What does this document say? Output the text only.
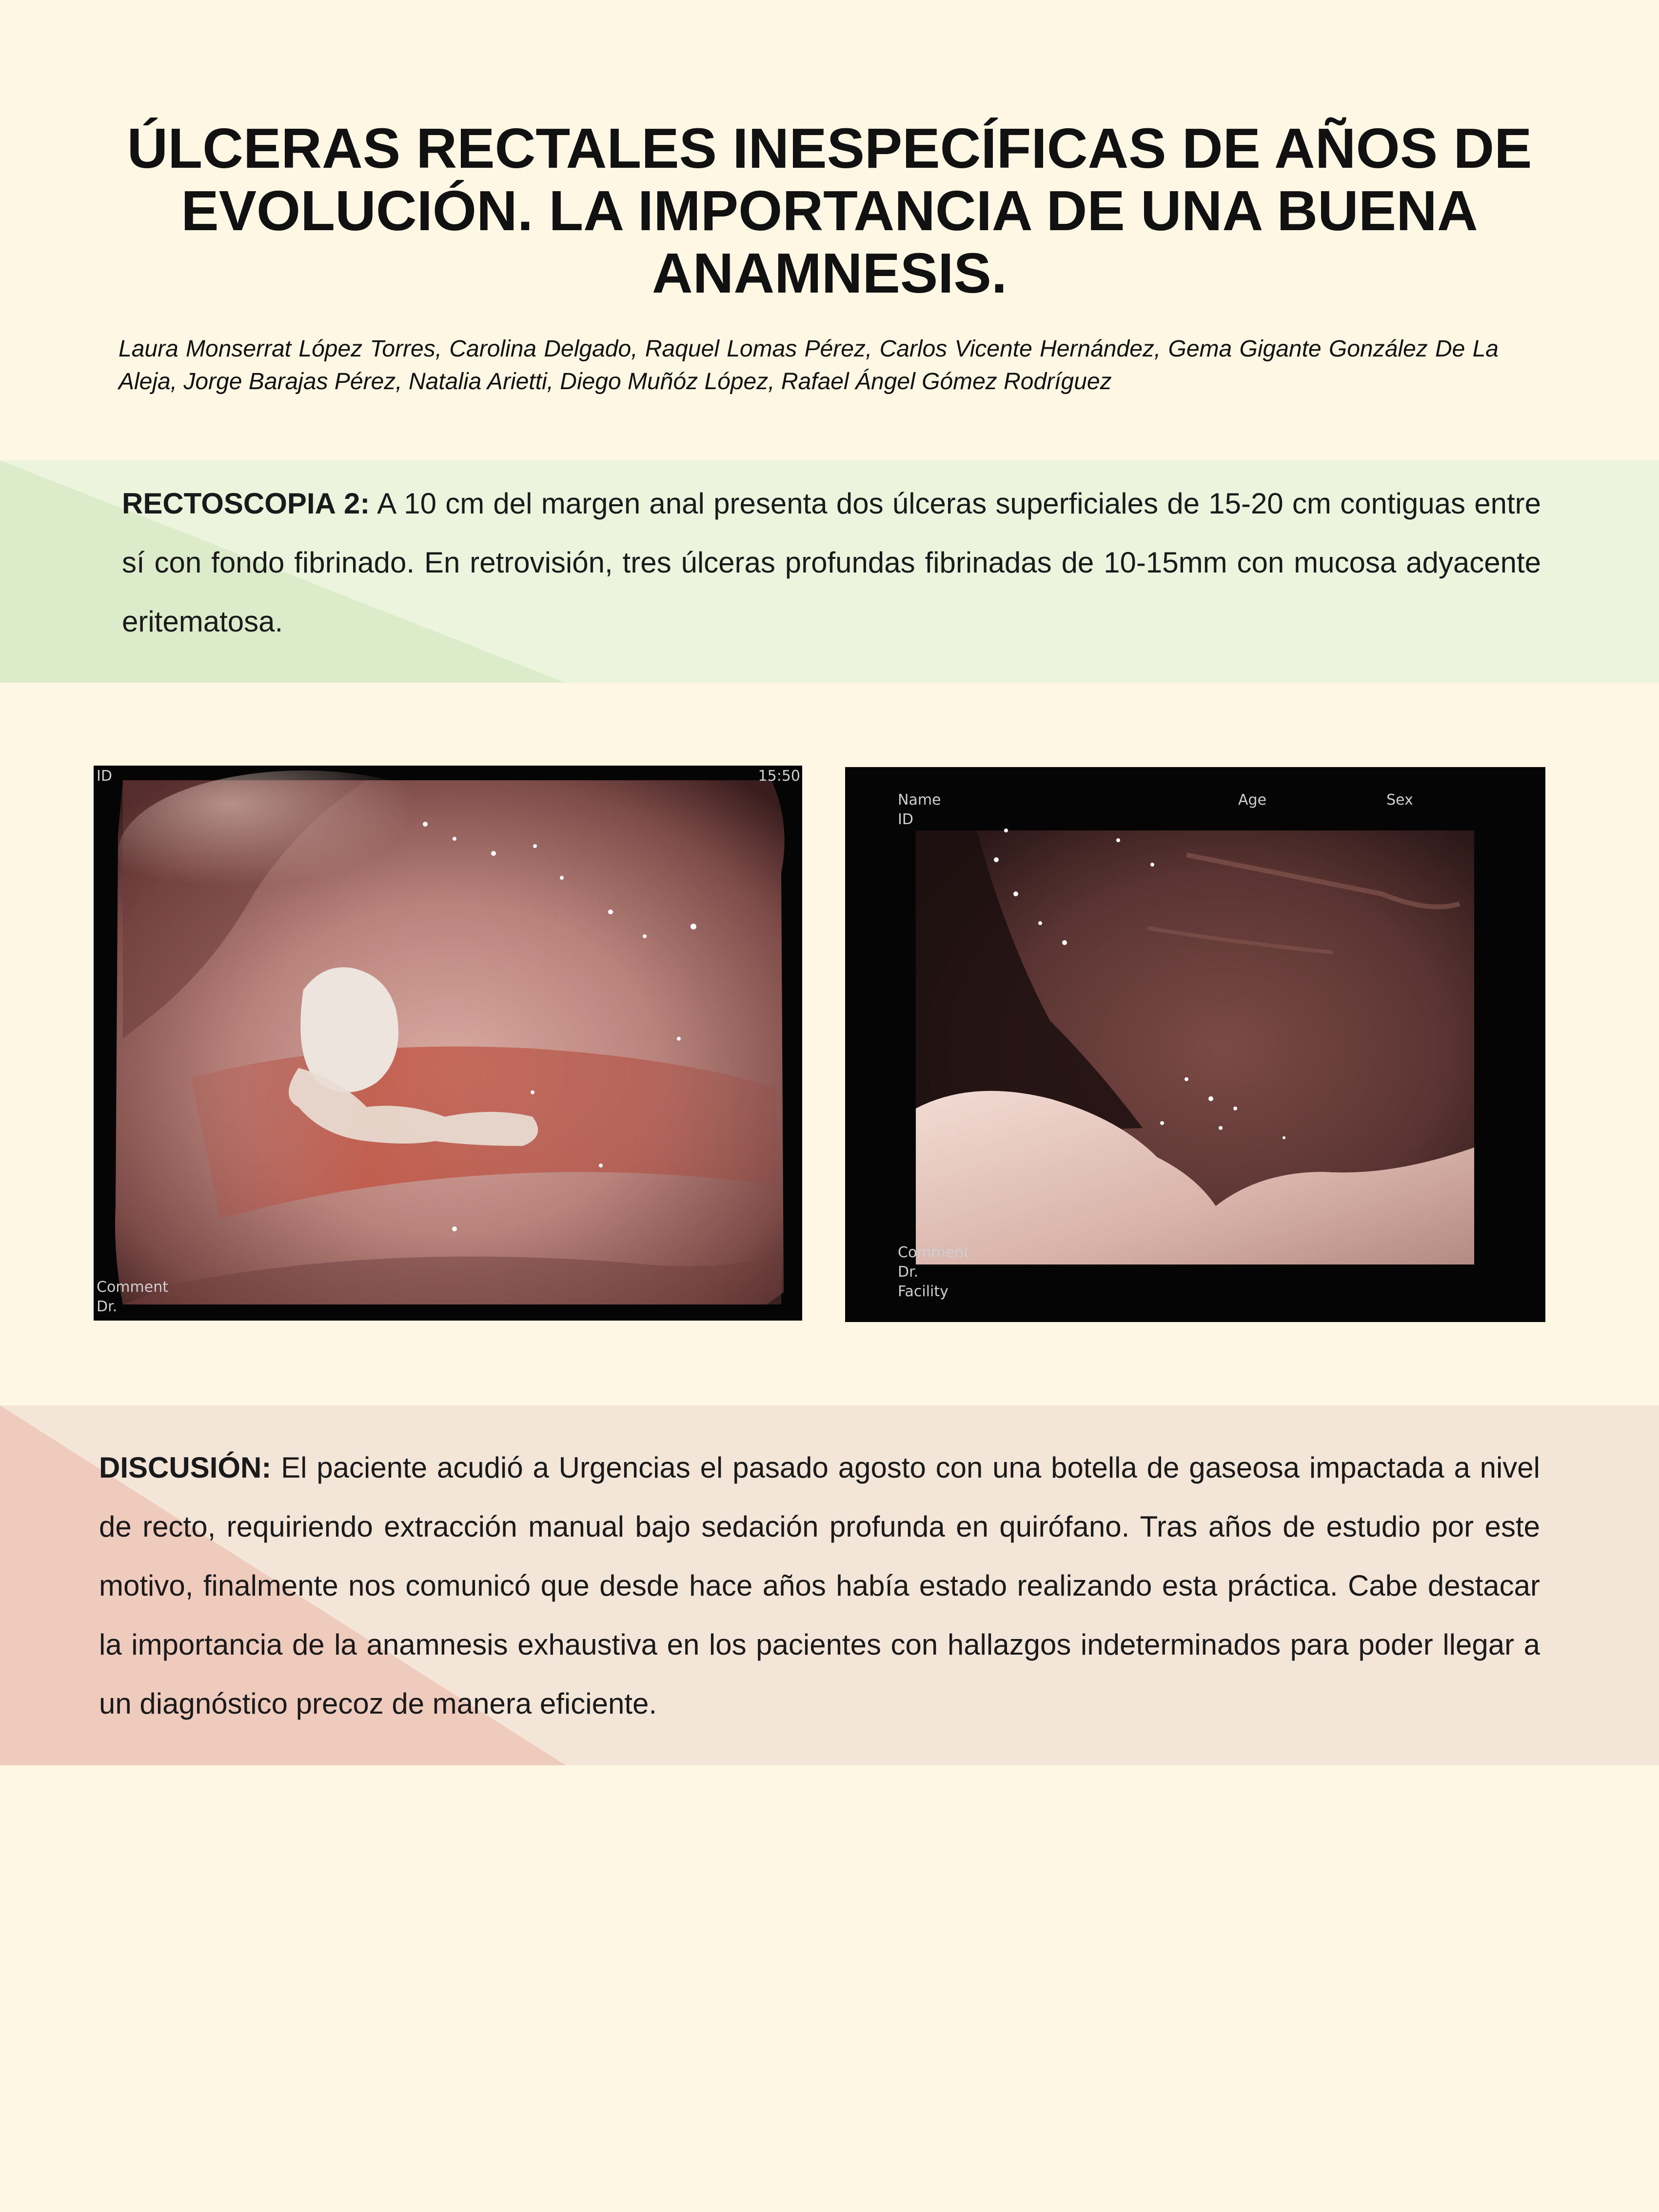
ÚLCERAS RECTALES INESPECÍFICAS DE AÑOS DE EVOLUCIÓN. LA IMPORTANCIA DE UNA BUENA ANAMNESIS.

Laura Monserrat López Torres, Carolina Delgado, Raquel Lomas Pérez, Carlos Vicente Hernández, Gema Gigante González De La Aleja, Jorge Barajas Pérez, Natalia Arietti, Diego Muñóz López, Rafael Ángel Gómez Rodríguez

RECTOSCOPIA 2: A 10 cm del margen anal presenta dos úlceras superficiales de 15-20 cm contiguas entre sí con fondo fibrinado. En retrovisión, tres úlceras profundas fibrinadas de 10-15mm con mucosa adyacente eritematosa.

ID	15:50
Comment
Dr.
Name	Age	Sex
ID
Comment
Dr.
Facility

DISCUSIÓN: El paciente acudió a Urgencias el pasado agosto con una botella de gaseosa impactada a nivel de recto, requiriendo extracción manual bajo sedación profunda en quirófano. Tras años de estudio por este motivo, finalmente nos comunicó que desde hace años había estado realizando esta práctica. Cabe destacar la importancia de la anamnesis exhaustiva en los pacientes con hallazgos indeterminados para poder llegar a un diagnóstico precoz de manera eficiente.
